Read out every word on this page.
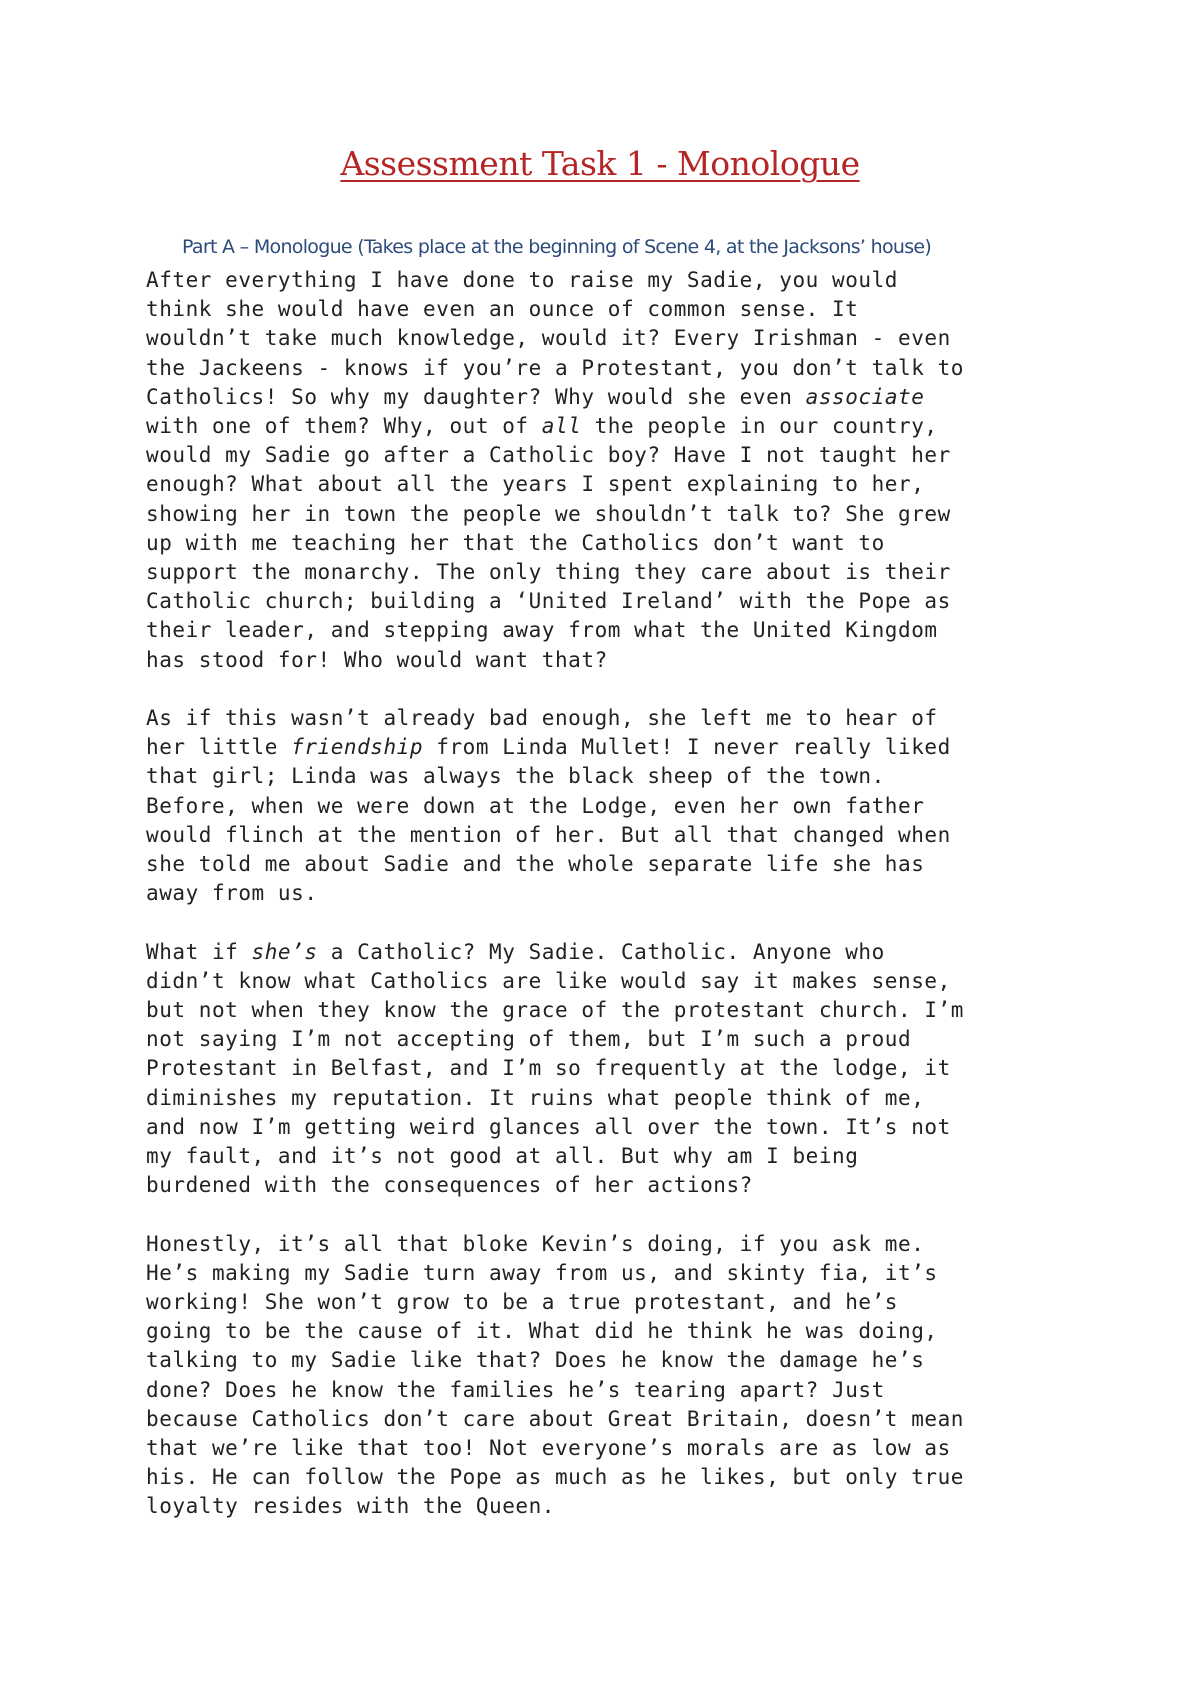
Assessment Task 1 - Monologue
Part A – Monologue (Takes place at the beginning of Scene 4, at the Jacksons’ house)
After everything I have done to raise my Sadie, you would
think she would have even an ounce of common sense. It
wouldn’t take much knowledge, would it? Every Irishman - even
the Jackeens - knows if you’re a Protestant, you don’t talk to
Catholics! So why my daughter? Why would she even associate
with one of them? Why, out of all the people in our country,
would my Sadie go after a Catholic boy? Have I not taught her
enough? What about all the years I spent explaining to her,
showing her in town the people we shouldn’t talk to? She grew
up with me teaching her that the Catholics don’t want to
support the monarchy. The only thing they care about is their
Catholic church; building a ‘United Ireland’ with the Pope as
their leader, and stepping away from what the United Kingdom
has stood for! Who would want that?
As if this wasn’t already bad enough, she left me to hear of
her little friendship from Linda Mullet! I never really liked
that girl; Linda was always the black sheep of the town.
Before, when we were down at the Lodge, even her own father
would flinch at the mention of her. But all that changed when
she told me about Sadie and the whole separate life she has
away from us.
What if she’s a Catholic? My Sadie. Catholic. Anyone who
didn’t know what Catholics are like would say it makes sense,
but not when they know the grace of the protestant church. I’m
not saying I’m not accepting of them, but I’m such a proud
Protestant in Belfast, and I’m so frequently at the lodge, it
diminishes my reputation. It ruins what people think of me,
and now I’m getting weird glances all over the town. It’s not
my fault, and it’s not good at all. But why am I being
burdened with the consequences of her actions?
Honestly, it’s all that bloke Kevin’s doing, if you ask me.
He’s making my Sadie turn away from us, and skinty fia, it’s
working! She won’t grow to be a true protestant, and he’s
going to be the cause of it. What did he think he was doing,
talking to my Sadie like that? Does he know the damage he’s
done? Does he know the families he’s tearing apart? Just
because Catholics don’t care about Great Britain, doesn’t mean
that we’re like that too! Not everyone’s morals are as low as
his. He can follow the Pope as much as he likes, but only true
loyalty resides with the Queen.
